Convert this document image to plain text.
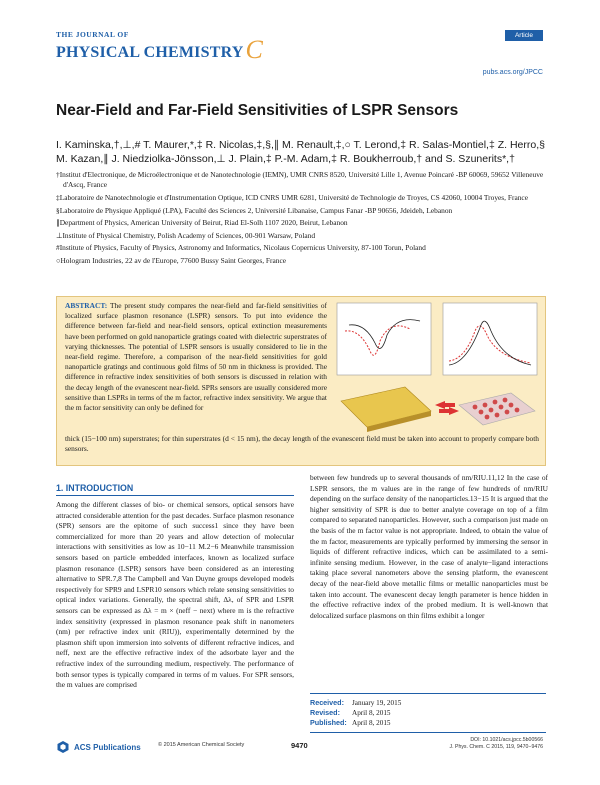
THE JOURNAL OF
PHYSICAL CHEMISTRY C	Article
pubs.acs.org/JPCC
Near-Field and Far-Field Sensitivities of LSPR Sensors
I. Kaminska,†,⊥,# T. Maurer,*,‡ R. Nicolas,‡,§,∥ M. Renault,‡,○ T. Lerond,‡ R. Salas-Montiel,‡ Z. Herro,§
M. Kazan,∥ J. Niedziolka-Jönsson,⊥ J. Plain,‡ P.-M. Adam,‡ R. Boukherroub,† and S. Szunerits*,†

†Institut d'Electronique, de Microélectronique et de Nanotechnologie (IEMN), UMR CNRS 8520, Université Lille 1, Avenue Poincaré -BP 60069, 59652 Villeneuve d'Ascq, France

‡Laboratoire de Nanotechnologie et d'Instrumentation Optique, ICD CNRS UMR 6281, Université de Technologie de Troyes, CS 42060, 10004 Troyes, France

§Laboratoire de Physique Appliqué (LPA), Faculté des Sciences 2, Université Libanaise, Campus Fanar -BP 90656, Jdeideh, Lebanon

∥Department of Physics, American University of Beirut, Riad El-Solh 1107 2020, Beirut, Lebanon

⊥Institute of Physical Chemistry, Polish Academy of Sciences, 00-901 Warsaw, Poland

#Institute of Physics, Faculty of Physics, Astronomy and Informatics, Nicolaus Copernicus University, 87-100 Torun, Poland

○Hologram Industries, 22 av de l'Europe, 77600 Bussy Saint Georges, France

ABSTRACT: The present study compares the near-field and far-field sensitivities of localized surface plasmon resonance (LSPR) sensors. To put into evidence the difference between far-field and near-field sensors, optical extinction measurements have been performed on gold nanoparticle gratings coated with dielectric superstrates of varying thicknesses. The potential of LSPR sensors is usually considered to lie in the near-field regime. Therefore, a comparison of the near-field sensitivities for gold nanoparticle gratings and continuous gold films of 50 nm in thickness is provided. The difference in refractive index sensitivities of both sensors is discussed in relation with the decay length of the evanescent near-field. SPRs sensors are usually considered more sensitive than LSPRs in terms of the m factor, refractive index sensitivity. We argue that the m factor sensitivity can only be defined for
thick (15−100 nm) superstrates; for thin superstrates (d < 15 nm), the decay length of the evanescent field must be taken into account to properly compare both sensors.
1. INTRODUCTION
Among the different classes of bio- or chemical sensors, optical sensors have attracted considerable attention for the past decades. Surface plasmon resonance (SPR) sensors are the epitome of such success1 since they have been commercialized for more than 20 years and allow detection of molecular interactions with sensitivities as low as 10−11 M.2−6 Meanwhile transmission sensors based on particle embedded interfaces, known as localized surface plasmon resonance (LSPR) sensors have been considered as an interesting alternative to SPR.7,8 The Campbell and Van Duyne groups developed models respectively for SPR9 and LSPR10 sensors which relate sensing sensitivities to optical index variations. Generally, the spectral shift, Δλ, of SPR and LSPR sensors can be expressed as Δλ = m × (neff − next) where m is the refractive index sensitivity (expressed in plasmon resonance peak shift in nanometers (nm) per refractive index unit (RIU)), experimentally determined by the plasmon shift upon immersion into solvents of different refractive indices, and neff, next are the effective refractive index of the adsorbate layer and the refractive index of the surrounding medium, respectively. The performance of both sensor types is typically compared in terms of m values. For SPR sensors, the m values are comprised
between few hundreds up to several thousands of nm/RIU.11,12 In the case of LSPR sensors, the m values are in the range of few hundreds of nm/RIU depending on the surface density of the nanoparticles.13−15 It is argued that the higher sensitivity of SPR is due to better analyte coverage on top of a film compared to separated nanoparticles. However, such a comparison just made on the basis of the m factor value is not appropriate. Indeed, to obtain the value of the m factor, measurements are typically performed by immersing the sensor in liquids of different refractive indices, which can be assimilated to a semi-infinite sensing medium. However, in the case of analyte−ligand interactions taking place several nanometers above the sensing platform, the evanescent decay of the near-field above metallic films or metallic nanoparticles must be taken into account. The evanescent decay length parameter is hence hidden in the effective refractive index of the probed medium. It is well-known that delocalized surface plasmons on thin films exhibit a longer
Received: January 19, 2015
Revised: April 8, 2015
Published: April 8, 2015
ACS Publications	© 2015 American Chemical Society	9470
DOI: 10.1021/acs.jpcc.5b00566
J. Phys. Chem. C 2015, 119, 9470−9476
